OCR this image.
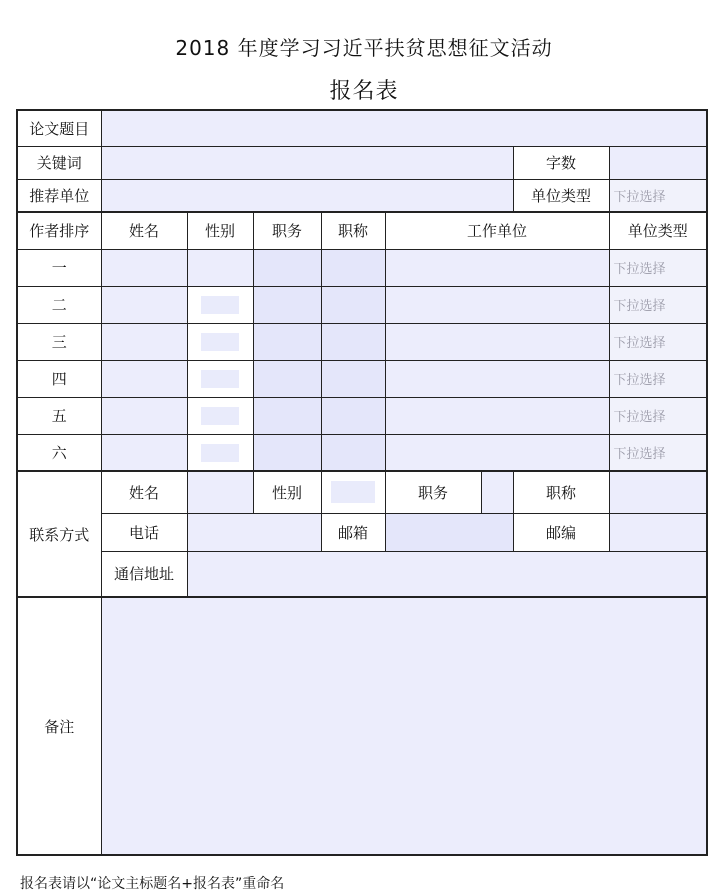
2018 年度学习习近平扶贫思想征文活动
报名表
论文题目								
关键词							字数	
推荐单位							单位类型	下拉选择
作者排序	姓名	性别	职务	职称	工作单位			单位类型
一								下拉选择
二								下拉选择
三								下拉选择
四								下拉选择
五								下拉选择
六								下拉选择
联系方式	姓名		性别		职务		职称	
	电话			邮箱			邮编	
	通信地址							
备注								
报名表请以“论文主标题名+报名表”重命名
